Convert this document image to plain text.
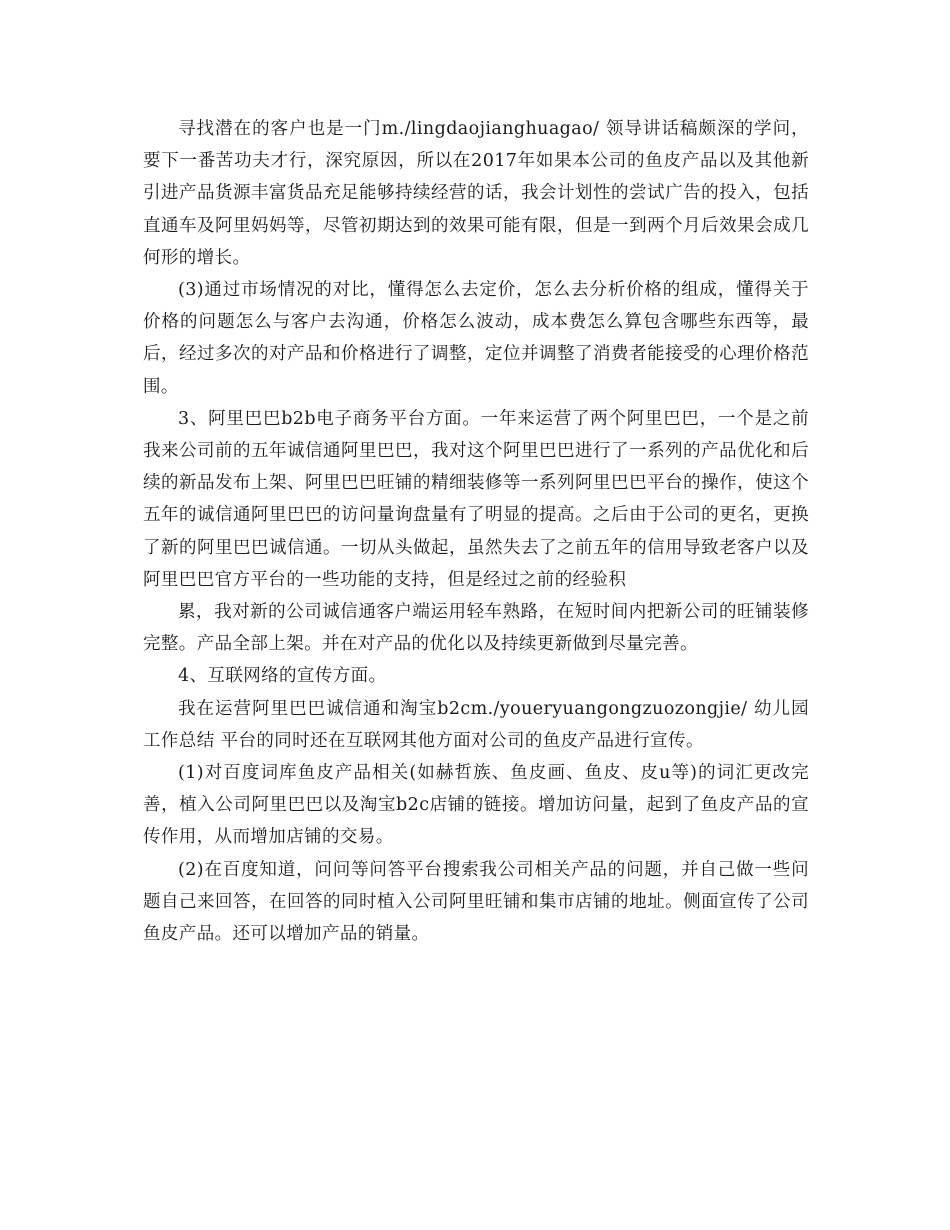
寻找潜在的客户也是一门m./lingdaojianghuagao/ 领导讲话稿颇深的学问，要下一番苦功夫才行，深究原因，所以在2017年如果本公司的鱼皮产品以及其他新引进产品货源丰富货品充足能够持续经营的话，我会计划性的尝试广告的投入，包括直通车及阿里妈妈等，尽管初期达到的效果可能有限，但是一到两个月后效果会成几何形的增长。

(3)通过市场情况的对比，懂得怎么去定价，怎么去分析价格的组成，懂得关于价格的问题怎么与客户去沟通，价格怎么波动，成本费怎么算包含哪些东西等，最后，经过多次的对产品和价格进行了调整，定位并调整了消费者能接受的心理价格范围。

3、阿里巴巴b2b电子商务平台方面。一年来运营了两个阿里巴巴，一个是之前我来公司前的五年诚信通阿里巴巴，我对这个阿里巴巴进行了一系列的产品优化和后续的新品发布上架、阿里巴巴旺铺的精细装修等一系列阿里巴巴平台的操作，使这个五年的诚信通阿里巴巴的访问量询盘量有了明显的提高。之后由于公司的更名，更换了新的阿里巴巴诚信通。一切从头做起，虽然失去了之前五年的信用导致老客户以及阿里巴巴官方平台的一些功能的支持，但是经过之前的经验积

累，我对新的公司诚信通客户端运用轻车熟路，在短时间内把新公司的旺铺装修完整。产品全部上架。并在对产品的优化以及持续更新做到尽量完善。

4、互联网络的宣传方面。

我在运营阿里巴巴诚信通和淘宝b2cm./youeryuangongzuozongjie/ 幼儿园工作总结 平台的同时还在互联网其他方面对公司的鱼皮产品进行宣传。

(1)对百度词库鱼皮产品相关(如赫哲族、鱼皮画、鱼皮、皮u等)的词汇更改完善，植入公司阿里巴巴以及淘宝b2c店铺的链接。增加访问量，起到了鱼皮产品的宣传作用，从而增加店铺的交易。

(2)在百度知道，问问等问答平台搜索我公司相关产品的问题，并自己做一些问题自己来回答，在回答的同时植入公司阿里旺铺和集市店铺的地址。侧面宣传了公司鱼皮产品。还可以增加产品的销量。
